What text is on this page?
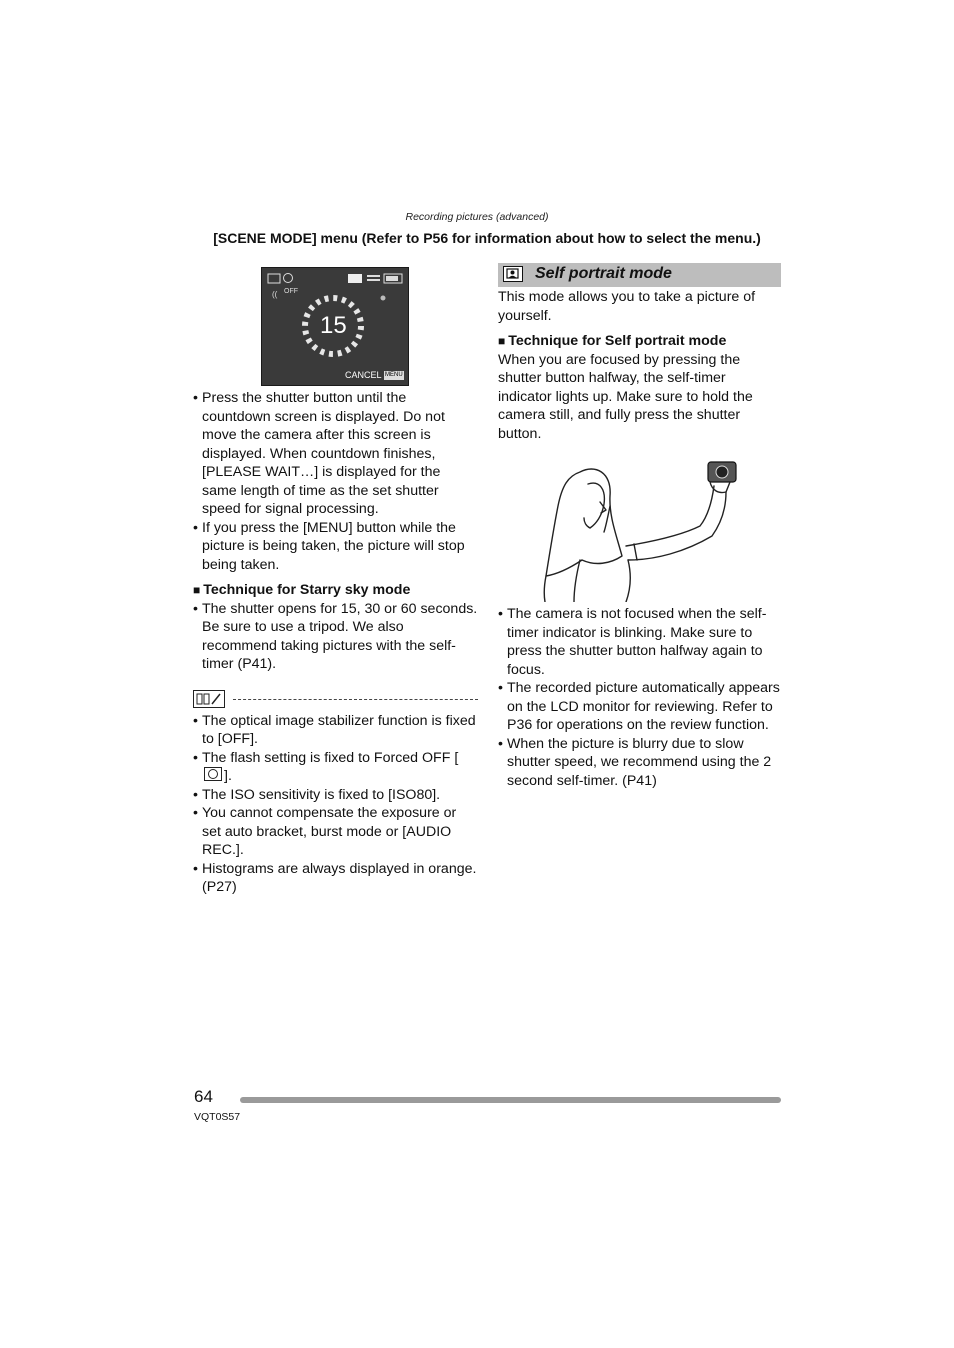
Recording pictures (advanced)
[SCENE MODE] menu (Refer to P56 for information about how to select the menu.)
(( OFF
15
CANCEL MENU
• Press the shutter button until the countdown screen is displayed. Do not move the camera after this screen is displayed. When countdown finishes, [PLEASE WAIT…] is displayed for the same length of time as the set shutter speed for signal processing.
• If you press the [MENU] button while the picture is being taken, the picture will stop being taken.
■ Technique for Starry sky mode
• The shutter opens for 15, 30 or 60 seconds. Be sure to use a tripod. We also recommend taking pictures with the self-timer (P41).
• The optical image stabilizer function is fixed to [OFF].
• The flash setting is fixed to Forced OFF [].
• The ISO sensitivity is fixed to [ISO80].
• You cannot compensate the exposure or set auto bracket, burst mode or [AUDIO REC.].
• Histograms are always displayed in orange. (P27)
Self portrait mode
This mode allows you to take a picture of yourself.
■ Technique for Self portrait mode
When you are focused by pressing the shutter button halfway, the self-timer indicator lights up. Make sure to hold the camera still, and fully press the shutter button.
• The camera is not focused when the self-timer indicator is blinking. Make sure to press the shutter button halfway again to focus.
• The recorded picture automatically appears on the LCD monitor for reviewing. Refer to P36 for operations on the review function.
• When the picture is blurry due to slow shutter speed, we recommend using the 2 second self-timer. (P41)
64
VQT0S57
